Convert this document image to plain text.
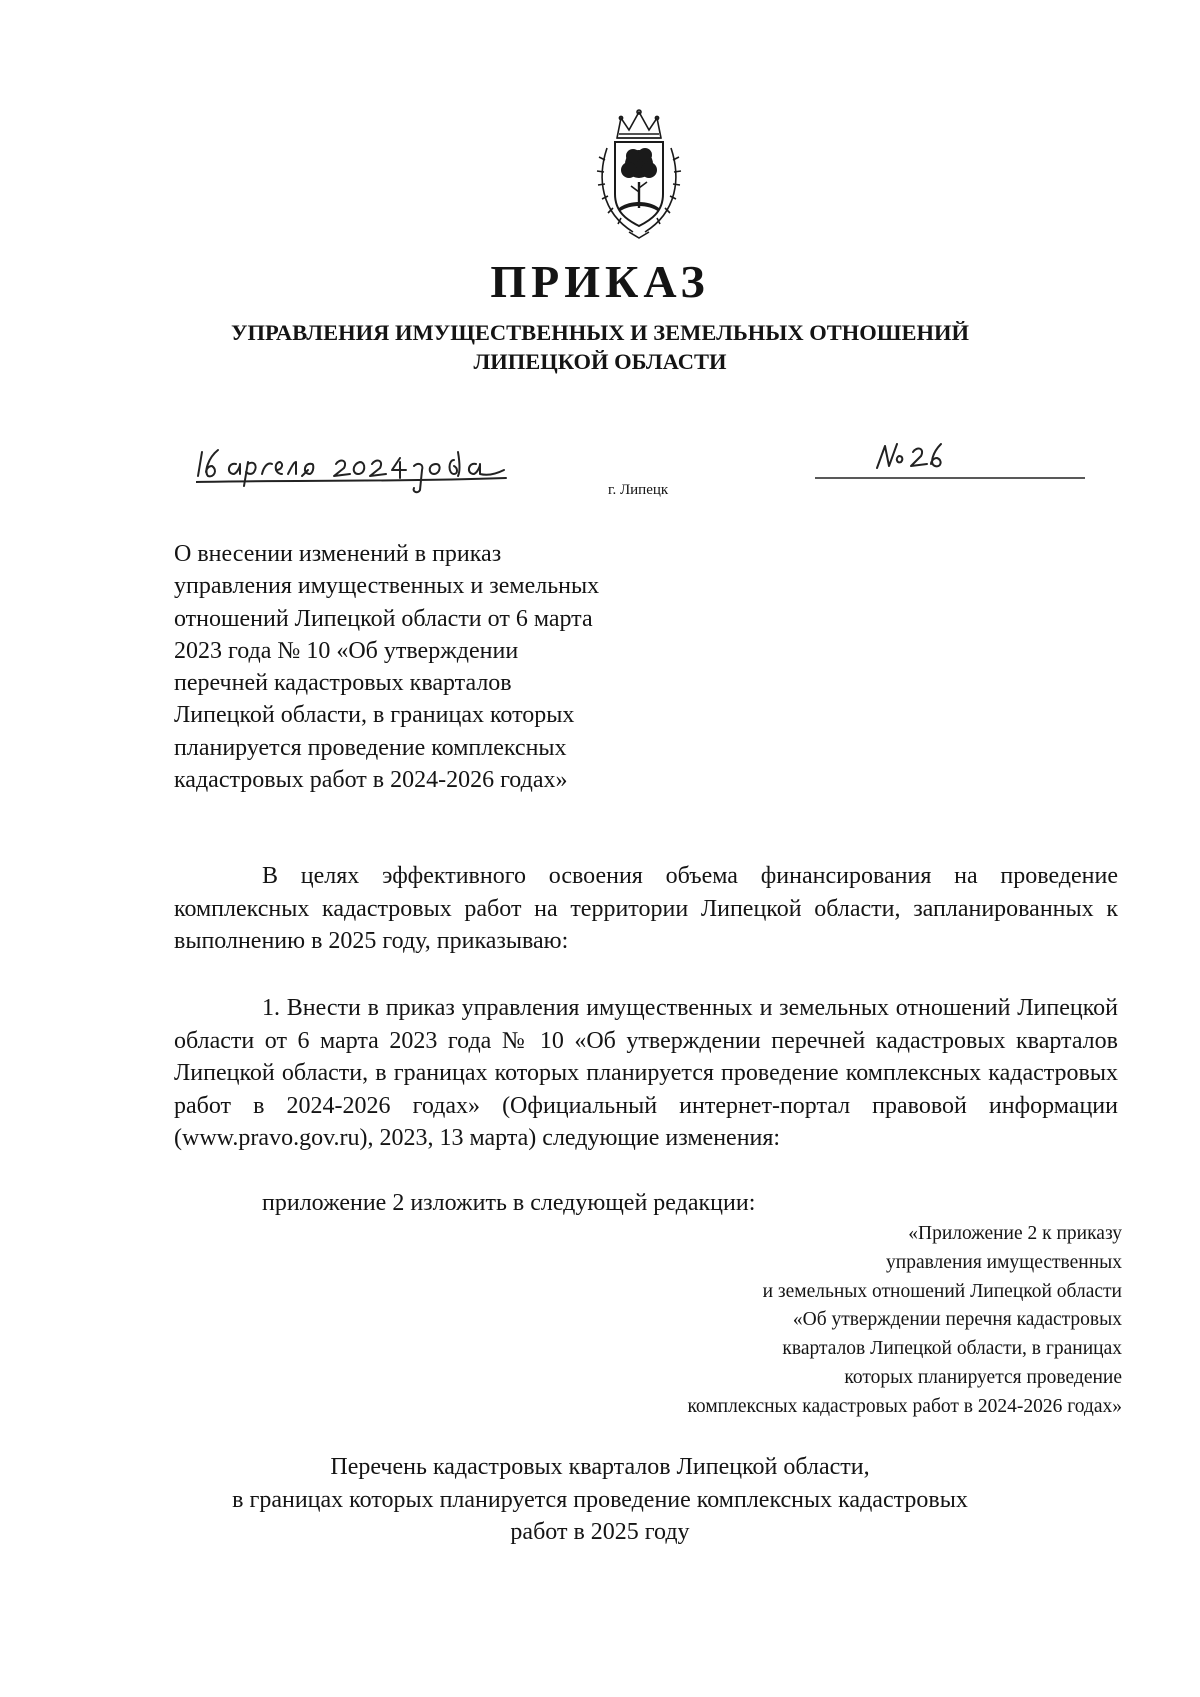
ПРИКАЗ
УПРАВЛЕНИЯ ИМУЩЕСТВЕННЫХ И ЗЕМЕЛЬНЫХ ОТНОШЕНИЙ
ЛИПЕЦКОЙ ОБЛАСТИ
г. Липецк
О внесении изменений в приказ
управления имущественных и земельных
отношений Липецкой области от 6 марта
2023 года № 10 «Об утверждении
перечней кадастровых кварталов
Липецкой области, в границах которых
планируется проведение комплексных
кадастровых работ в 2024-2026 годах»

В целях эффективного освоения объема финансирования на проведение комплексных кадастровых работ на территории Липецкой области, запланированных к выполнению в 2025 году, приказываю:

1. Внести в приказ управления имущественных и земельных отношений Липецкой области от 6 марта 2023 года № 10 «Об утверждении перечней кадастровых кварталов Липецкой области, в границах которых планируется проведение комплексных кадастровых работ в 2024-2026 годах» (Официальный интернет-портал правовой информации (www.pravo.gov.ru), 2023, 13 марта) следующие изменения:

приложение 2 изложить в следующей редакции:
«Приложение 2 к приказу
управления имущественных
и земельных отношений Липецкой области
«Об утверждении перечня кадастровых
кварталов Липецкой области, в границах
которых планируется проведение
комплексных кадастровых работ в 2024-2026 годах»
Перечень кадастровых кварталов Липецкой области,
в границах которых планируется проведение комплексных кадастровых
работ в 2025 году
